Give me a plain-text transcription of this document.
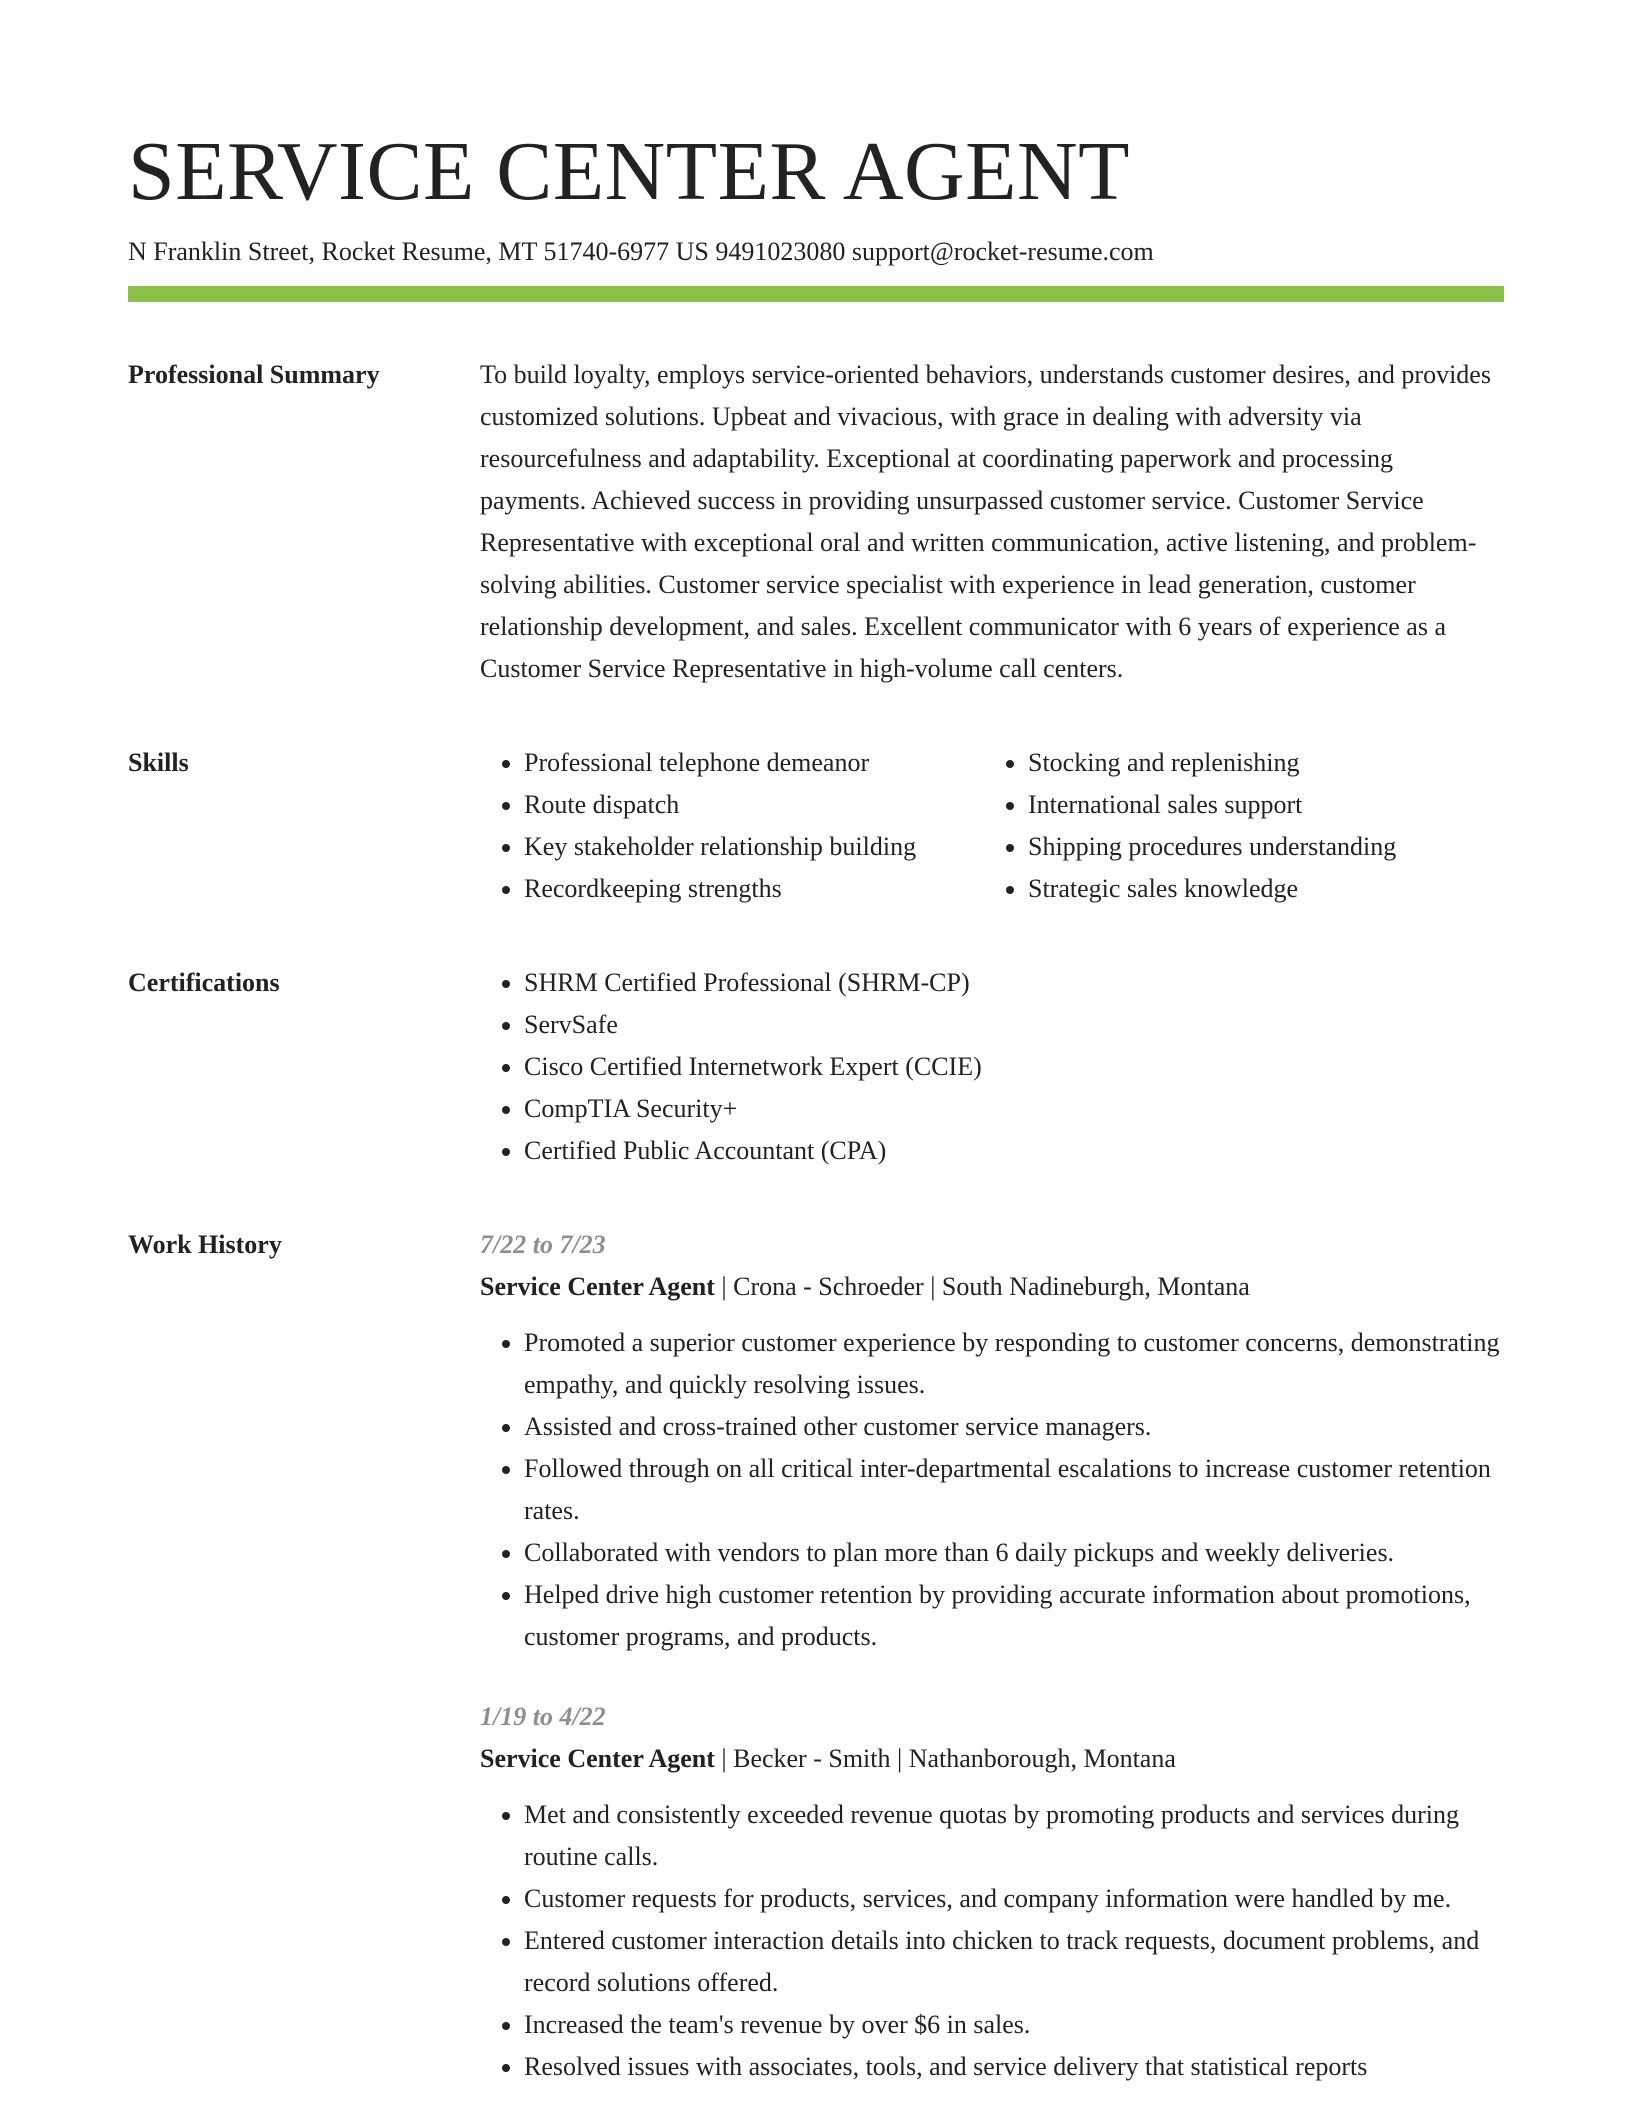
SERVICE CENTER AGENT
N Franklin Street, Rocket Resume, MT 51740-6977 US 9491023080 support@rocket-resume.com
Professional Summary	To build loyalty, employs service-oriented behaviors, understands customer desires, and provides customized solutions. Upbeat and vivacious, with grace in dealing with adversity via resourcefulness and adaptability. Exceptional at coordinating paperwork and processing payments. Achieved success in providing unsurpassed customer service. Customer Service Representative with exceptional oral and written communication, active listening, and problem-solving abilities. Customer service specialist with experience in lead generation, customer relationship development, and sales. Excellent communicator with 6 years of experience as a Customer Service Representative in high-volume call centers.

Skills	• Professional telephone demeanor
• Route dispatch
• Key stakeholder relationship building
• Recordkeeping strengths
• Stocking and replenishing
• International sales support
• Shipping procedures understanding
• Strategic sales knowledge
Certifications	• SHRM Certified Professional (SHRM-CP)
• ServSafe
• Cisco Certified Internetwork Expert (CCIE)
• CompTIA Security+
• Certified Public Accountant (CPA)
Work History	7/22 to 7/23
Service Center Agent | Crona - Schroeder | South Nadineburgh, Montana
• Promoted a superior customer experience by responding to customer concerns, demonstrating empathy, and quickly resolving issues.
• Assisted and cross-trained other customer service managers.
• Followed through on all critical inter-departmental escalations to increase customer retention rates.
• Collaborated with vendors to plan more than 6 daily pickups and weekly deliveries.
• Helped drive high customer retention by providing accurate information about promotions, customer programs, and products.
1/19 to 4/22
Service Center Agent | Becker - Smith | Nathanborough, Montana
• Met and consistently exceeded revenue quotas by promoting products and services during routine calls.
• Customer requests for products, services, and company information were handled by me.
• Entered customer interaction details into chicken to track requests, document problems, and record solutions offered.
• Increased the team's revenue by over $6 in sales.
• Resolved issues with associates, tools, and service delivery that statistical reports
